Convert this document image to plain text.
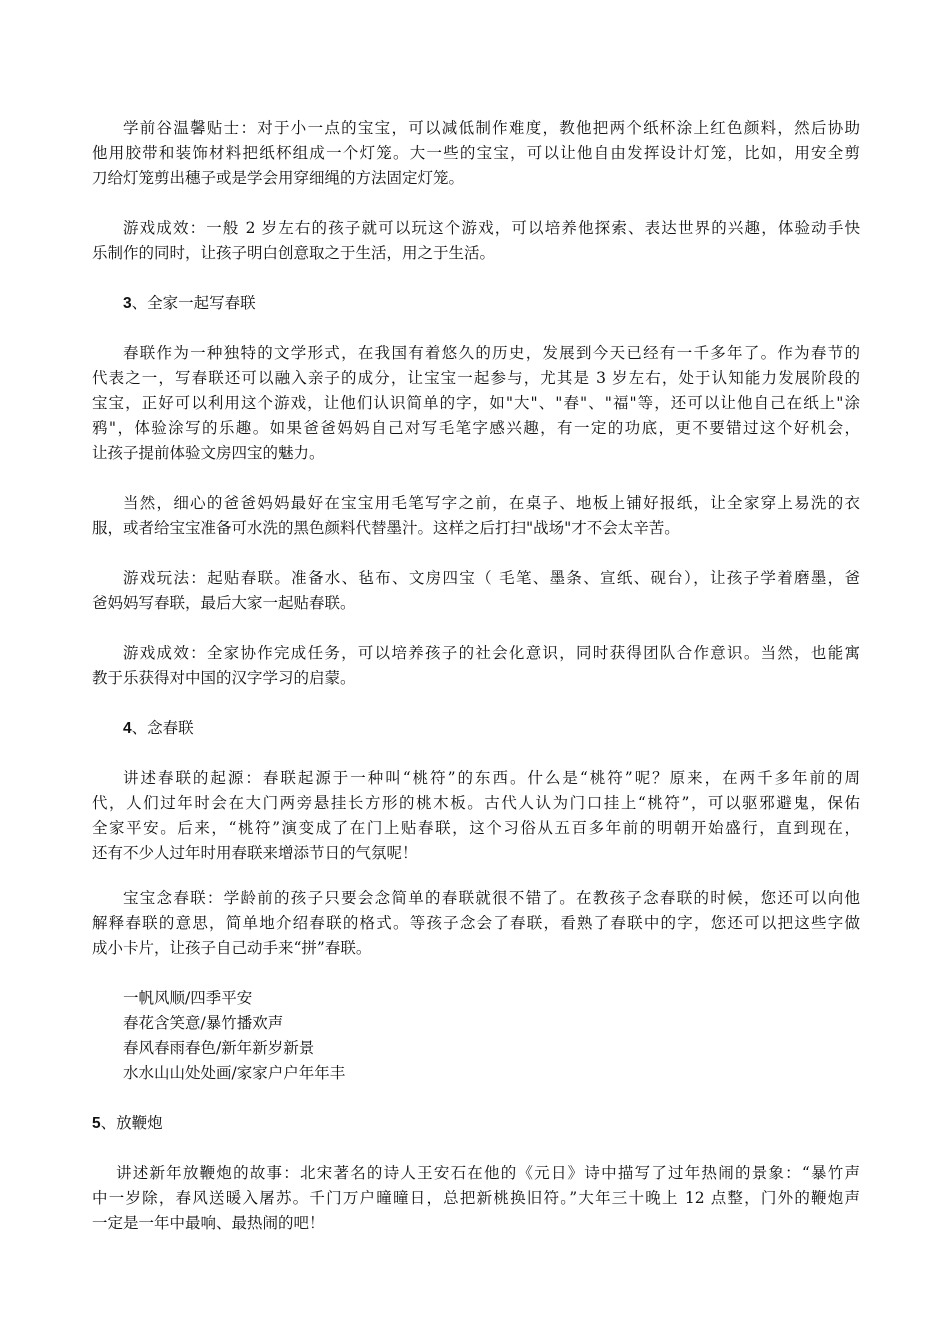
学前谷温馨贴士：对于小一点的宝宝，可以减低制作难度，教他把两个纸杯涂上红色颜料，然后协助
他用胶带和装饰材料把纸杯组成一个灯笼。大一些的宝宝，可以让他自由发挥设计灯笼，比如，用安全剪
刀给灯笼剪出穗子或是学会用穿细绳的方法固定灯笼。

游戏成效：一般 2 岁左右的孩子就可以玩这个游戏，可以培养他探索、表达世界的兴趣，体验动手快
乐制作的同时，让孩子明白创意取之于生活，用之于生活。

3、全家一起写春联

春联作为一种独特的文学形式，在我国有着悠久的历史，发展到今天已经有一千多年了。作为春节的
代表之一，写春联还可以融入亲子的成分，让宝宝一起参与，尤其是 3 岁左右，处于认知能力发展阶段的
宝宝，正好可以利用这个游戏，让他们认识简单的字，如"大"、"春"、"福"等，还可以让他自己在纸上"涂
鸦"，体验涂写的乐趣。如果爸爸妈妈自己对写毛笔字感兴趣，有一定的功底，更不要错过这个好机会，
让孩子提前体验文房四宝的魅力。

当然，细心的爸爸妈妈最好在宝宝用毛笔写字之前，在桌子、地板上铺好报纸，让全家穿上易洗的衣
服，或者给宝宝准备可水洗的黑色颜料代替墨汁。这样之后打扫"战场"才不会太辛苦。

游戏玩法：起贴春联。准备水、毡布、文房四宝（ 毛笔、墨条、宣纸、砚台），让孩子学着磨墨，爸
爸妈妈写春联，最后大家一起贴春联。

游戏成效：全家协作完成任务，可以培养孩子的社会化意识，同时获得团队合作意识。当然，也能寓
教于乐获得对中国的汉字学习的启蒙。

4、念春联

讲述春联的起源：春联起源于一种叫“桃符”的东西。什么是“桃符”呢？原来，在两千多年前的周
代，人们过年时会在大门两旁悬挂长方形的桃木板。古代人认为门口挂上“桃符”，可以驱邪避鬼，保佑
全家平安。后来，“桃符”演变成了在门上贴春联，这个习俗从五百多年前的明朝开始盛行，直到现在，
还有不少人过年时用春联来增添节日的气氛呢！

宝宝念春联：学龄前的孩子只要会念简单的春联就很不错了。在教孩子念春联的时候，您还可以向他
解释春联的意思，简单地介绍春联的格式。等孩子念会了春联，看熟了春联中的字，您还可以把这些字做
成小卡片，让孩子自己动手来“拼”春联。

一帆风顺/四季平安
春花含笑意/暴竹播欢声
春风春雨春色/新年新岁新景
水水山山处处画/家家户户年年丰

5、放鞭炮

讲述新年放鞭炮的故事：北宋著名的诗人王安石在他的《元日》诗中描写了过年热闹的景象：“暴竹声
中一岁除，春风送暖入屠苏。千门万户曈曈日，总把新桃换旧符。”大年三十晚上 12 点整，门外的鞭炮声
一定是一年中最响、最热闹的吧！
